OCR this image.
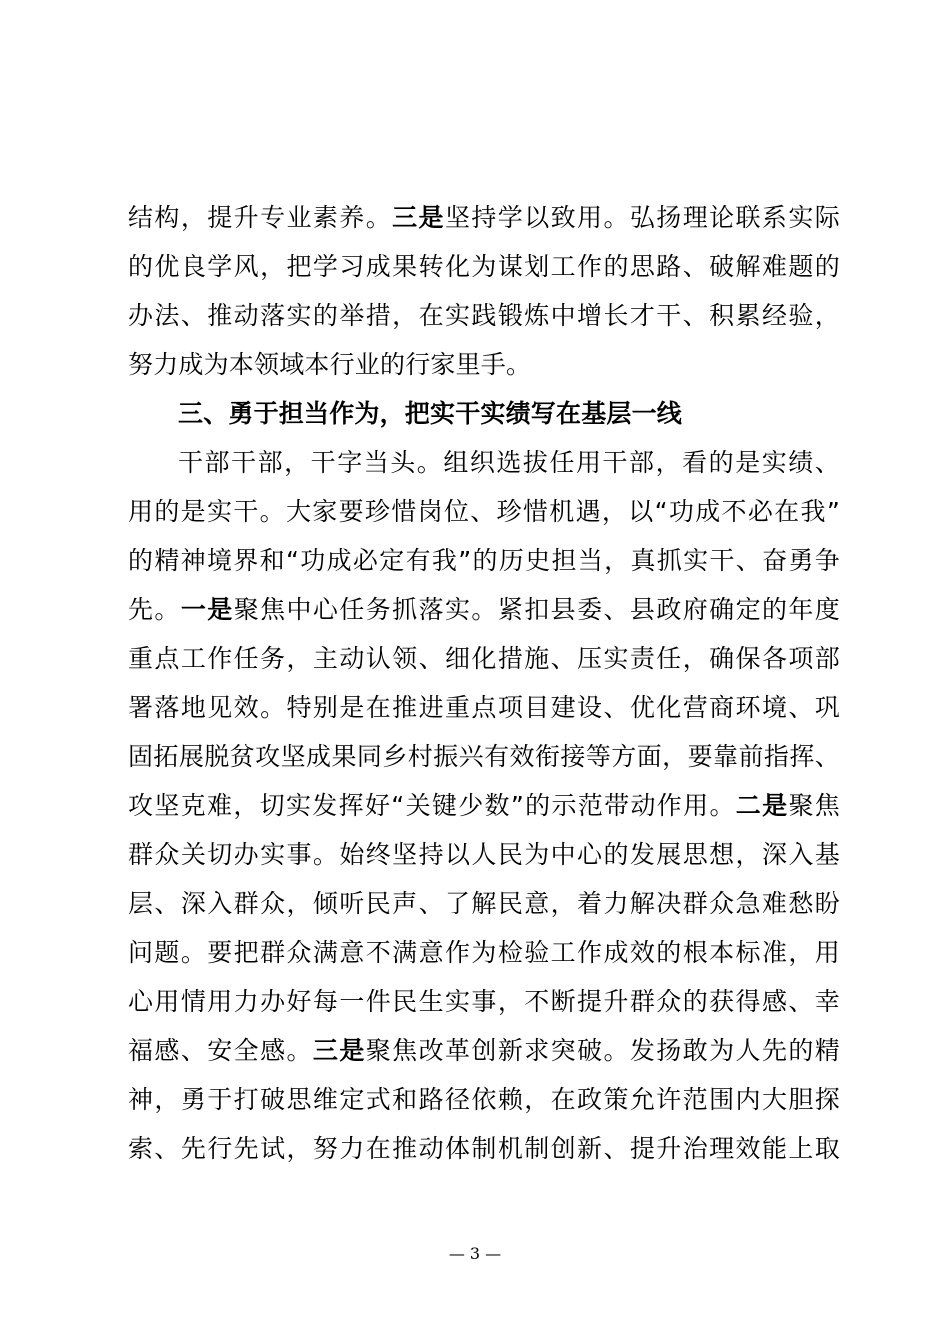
结构，提升专业素养。三是坚持学以致用。弘扬理论联系实际
的优良学风，把学习成果转化为谋划工作的思路、破解难题的
办法、推动落实的举措，在实践锻炼中增长才干、积累经验，
努力成为本领域本行业的行家里手。

三、勇于担当作为，把实干实绩写在基层一线

干部干部，干字当头。组织选拔任用干部，看的是实绩、
用的是实干。大家要珍惜岗位、珍惜机遇，以“功成不必在我”
的精神境界和“功成必定有我”的历史担当，真抓实干、奋勇争
先。一是聚焦中心任务抓落实。紧扣县委、县政府确定的年度
重点工作任务，主动认领、细化措施、压实责任，确保各项部
署落地见效。特别是在推进重点项目建设、优化营商环境、巩
固拓展脱贫攻坚成果同乡村振兴有效衔接等方面，要靠前指挥、
攻坚克难，切实发挥好“关键少数”的示范带动作用。二是聚焦
群众关切办实事。始终坚持以人民为中心的发展思想，深入基
层、深入群众，倾听民声、了解民意，着力解决群众急难愁盼
问题。要把群众满意不满意作为检验工作成效的根本标准，用
心用情用力办好每一件民生实事，不断提升群众的获得感、幸
福感、安全感。三是聚焦改革创新求突破。发扬敢为人先的精
神，勇于打破思维定式和路径依赖，在政策允许范围内大胆探
索、先行先试，努力在推动体制机制创新、提升治理效能上取

— 3 —
